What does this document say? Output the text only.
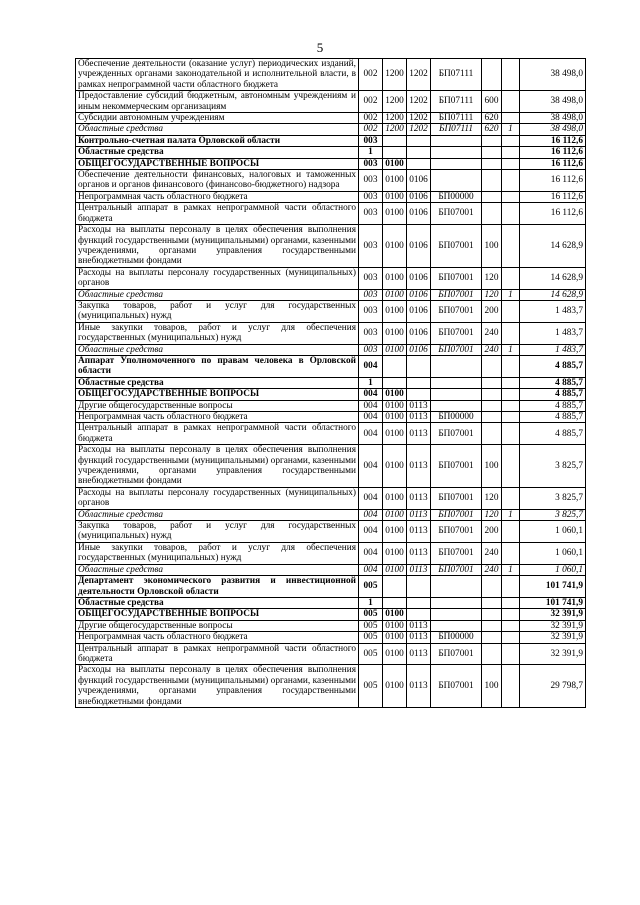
5
Обеспечение деятельности (оказание услуг) периодических изданий, учрежденных органами законодательной и исполнительной власти, в рамках непрограммной части областного бюджета	002	1200	1202	БП07111			38 498,0
Предоставление субсидий бюджетным, автономным учреждениям и иным некоммерческим организациям	002	1200	1202	БП07111	600		38 498,0
Субсидии автономным учреждениям	002	1200	1202	БП07111	620		38 498,0
Областные средства	002	1200	1202	БП07111	620	1	38 498,0
Контрольно-счетная палата Орловской области	003						16 112,6
Областные средства	1						16 112,6
ОБЩЕГОСУДАРСТВЕННЫЕ ВОПРОСЫ	003	0100					16 112,6
Обеспечение деятельности финансовых, налоговых и таможенных органов и органов финансового (финансово-бюджетного) надзора	003	0100	0106				16 112,6
Непрограммная часть областного бюджета	003	0100	0106	БП00000			16 112,6
Центральный аппарат в рамках непрограммной части областного бюджета	003	0100	0106	БП07001			16 112,6
Расходы на выплаты персоналу в целях обеспечения выполнения функций государственными (муниципальными) органами, казенными учреждениями, органами управления государственными внебюджетными фондами	003	0100	0106	БП07001	100		14 628,9
Расходы на выплаты персоналу государственных (муниципальных) органов	003	0100	0106	БП07001	120		14 628,9
Областные средства	003	0100	0106	БП07001	120	1	14 628,9
Закупка товаров, работ и услуг для государственных (муниципальных) нужд	003	0100	0106	БП07001	200		1 483,7
Иные закупки товаров, работ и услуг для обеспечения государственных (муниципальных) нужд	003	0100	0106	БП07001	240		1 483,7
Областные средства	003	0100	0106	БП07001	240	1	1 483,7
Аппарат Уполномоченного по правам человека в Орловской области	004						4 885,7
Областные средства	1						4 885,7
ОБЩЕГОСУДАРСТВЕННЫЕ ВОПРОСЫ	004	0100					4 885,7
Другие общегосударственные вопросы	004	0100	0113				4 885,7
Непрограммная часть областного бюджета	004	0100	0113	БП00000			4 885,7
Центральный аппарат в рамках непрограммной части областного бюджета	004	0100	0113	БП07001			4 885,7
Расходы на выплаты персоналу в целях обеспечения выполнения функций государственными (муниципальными) органами, казенными учреждениями, органами управления государственными внебюджетными фондами	004	0100	0113	БП07001	100		3 825,7
Расходы на выплаты персоналу государственных (муниципальных) органов	004	0100	0113	БП07001	120		3 825,7
Областные средства	004	0100	0113	БП07001	120	1	3 825,7
Закупка товаров, работ и услуг для государственных (муниципальных) нужд	004	0100	0113	БП07001	200		1 060,1
Иные закупки товаров, работ и услуг для обеспечения государственных (муниципальных) нужд	004	0100	0113	БП07001	240		1 060,1
Областные средства	004	0100	0113	БП07001	240	1	1 060,1
Департамент экономического развития и инвестиционной деятельности Орловской области	005						101 741,9
Областные средства	1						101 741,9
ОБЩЕГОСУДАРСТВЕННЫЕ ВОПРОСЫ	005	0100					32 391,9
Другие общегосударственные вопросы	005	0100	0113				32 391,9
Непрограммная часть областного бюджета	005	0100	0113	БП00000			32 391,9
Центральный аппарат в рамках непрограммной части областного бюджета	005	0100	0113	БП07001			32 391,9
Расходы на выплаты персоналу в целях обеспечения выполнения функций государственными (муниципальными) органами, казенными учреждениями, органами управления государственными внебюджетными фондами	005	0100	0113	БП07001	100		29 798,7
